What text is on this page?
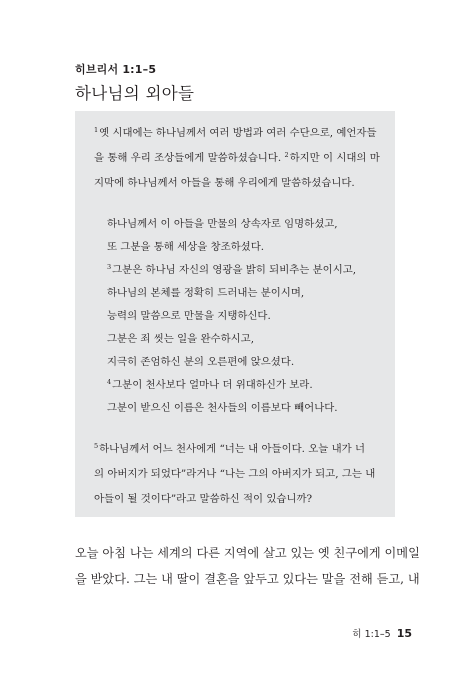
히브리서 1:1–5
하나님의 외아들
$^1$옛 시대에는 하나님께서 여러 방법과 여러 수단으로, 예언자들
을 통해 우리 조상들에게 말씀하셨습니다. $^2$하지만 이 시대의 마
지막에 하나님께서 아들을 통해 우리에게 말씀하셨습니다.
하나님께서 이 아들을 만물의 상속자로 임명하셨고,
또 그분을 통해 세상을 창조하셨다.
$^3$그분은 하나님 자신의 영광을 밝히 되비추는 분이시고,
하나님의 본체를 정확히 드러내는 분이시며,
능력의 말씀으로 만물을 지탱하신다.
그분은 죄 씻는 일을 완수하시고,
지극히 존엄하신 분의 오른편에 앉으셨다.
$^4$그분이 천사보다 얼마나 더 위대하신가 보라.
그분이 받으신 이름은 천사들의 이름보다 빼어나다.
$^5$하나님께서 어느 천사에게 “너는 내 아들이다. 오늘 내가 너
의 아버지가 되었다”라거나 “나는 그의 아버지가 되고, 그는 내
아들이 될 것이다”라고 말씀하신 적이 있습니까?
오늘 아침 나는 세계의 다른 지역에 살고 있는 옛 친구에게 이메일
을 받았다. 그는 내 딸이 결혼을 앞두고 있다는 말을 전해 듣고, 내
히 1:1–5 15
